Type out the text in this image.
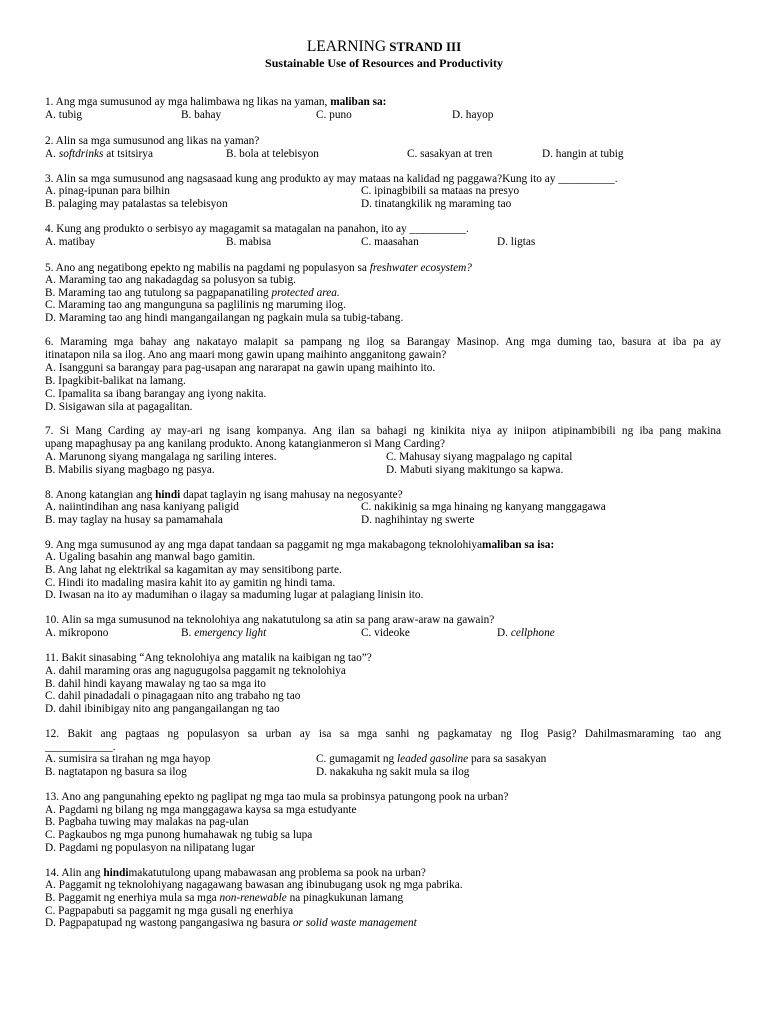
LEARNING STRAND III
Sustainable Use of Resources and Productivity
1. Ang mga sumusunod ay mga halimbawa ng likas na yaman, maliban sa:
A. tubig	B. bahay	C. puno	D. hayop
2. Alin sa mga sumusunod ang likas na yaman?
A. softdrinks at tsitsirya	B. bola at telebisyon	C. sasakyan at tren	D. hangin at tubig
3. Alin sa mga sumusunod ang nagsasaad kung ang produkto ay may mataas na kalidad ng paggawa?Kung ito ay __________.
A. pinag-ipunan para bilhin	C. ipinagbibili sa mataas na presyo
B. palaging may patalastas sa telebisyon	D. tinatangkilik ng maraming tao
4. Kung ang produkto o serbisyo ay magagamit sa matagalan na panahon, ito ay __________.
A. matibay	B. mabisa	C. maasahan	D. ligtas
5. Ano ang negatibong epekto ng mabilis na pagdami ng populasyon sa freshwater ecosystem?
A. Maraming tao ang nakadagdag sa polusyon sa tubig.
B. Maraming tao ang tutulong sa pagpapanatiling protected area.
C. Maraming tao ang mangunguna sa paglilinis ng maruming ilog.
D. Maraming tao ang hindi mangangailangan ng pagkain mula sa tubig-tabang.
6. Maraming mga bahay ang nakatayo malapit sa pampang ng ilog sa Barangay Masinop. Ang mga duming tao, basura at iba pa ay
itinatapon nila sa ilog. Ano ang maari mong gawin upang maihinto angganitong gawain?
A. Isangguni sa barangay para pag-usapan ang nararapat na gawin upang maihinto ito.
B. Ipagkibit-balikat na lamang.
C. Ipamalita sa ibang barangay ang iyong nakita.
D. Sisigawan sila at pagagalitan.
7. Si Mang Carding ay may-ari ng isang kompanya. Ang ilan sa bahagi ng kinikita niya ay iniipon atipinambibili ng iba pang makina
upang mapaghusay pa ang kanilang produkto. Anong katangianmeron si Mang Carding?
A. Marunong siyang mangalaga ng sariling interes.	C. Mahusay siyang magpalago ng capital
B. Mabilis siyang magbago ng pasya.	D. Mabuti siyang makitungo sa kapwa.
8. Anong katangian ang hindi dapat taglayin ng isang mahusay na negosyante?
A. naiintindihan ang nasa kaniyang paligid	C. nakikinig sa mga hinaing ng kanyang manggagawa
B. may taglay na husay sa pamamahala	D. naghihintay ng swerte
9. Ang mga sumusunod ay ang mga dapat tandaan sa paggamit ng mga makabagong teknolohiyamaliban sa isa:
A. Ugaling basahin ang manwal bago gamitin.
B. Ang lahat ng elektrikal sa kagamitan ay may sensitibong parte.
C. Hindi ito madaling masira kahit ito ay gamitin ng hindi tama.
D. Iwasan na ito ay madumihan o ilagay sa maduming lugar at palagiang linisin ito.
10. Alin sa mga sumusunod na teknolohiya ang nakatutulong sa atin sa pang araw-araw na gawain?
A. mikropono	B. emergency light	C. videoke	D. cellphone
11. Bakit sinasabing “Ang teknolohiya ang matalik na kaibigan ng tao”?
A. dahil maraming oras ang nagugugolsa paggamit ng teknolohiya
B. dahil hindi kayang mawalay ng tao sa mga ito
C. dahil pinadadali o pinagagaan nito ang trabaho ng tao
D. dahil ibinibigay nito ang pangangailangan ng tao
12. Bakit ang pagtaas ng populasyon sa urban ay isa sa mga sanhi ng pagkamatay ng Ilog Pasig? Dahilmasmaraming tao ang
____________.
A. sumisira sa tirahan ng mga hayop	C. gumagamit ng leaded gasoline para sa sasakyan
B. nagtatapon ng basura sa ilog	D. nakakuha ng sakit mula sa ilog
13. Ano ang pangunahing epekto ng paglipat ng mga tao mula sa probinsya patungong pook na urban?
A. Pagdami ng bilang ng mga manggagawa kaysa sa mga estudyante
B. Pagbaha tuwing may malakas na pag-ulan
C. Pagkaubos ng mga punong humahawak ng tubig sa lupa
D. Pagdami ng populasyon na nilipatang lugar
14. Alin ang hindimakatutulong upang mabawasan ang problema sa pook na urban?
A. Paggamit ng teknolohiyang nagagawang bawasan ang ibinubugang usok ng mga pabrika.
B. Paggamit ng enerhiya mula sa mga non-renewable na pinagkukunan lamang
C. Pagpapabuti sa paggamit ng mga gusali ng enerhiya
D. Pagpapatupad ng wastong pangangasiwa ng basura or solid waste management
